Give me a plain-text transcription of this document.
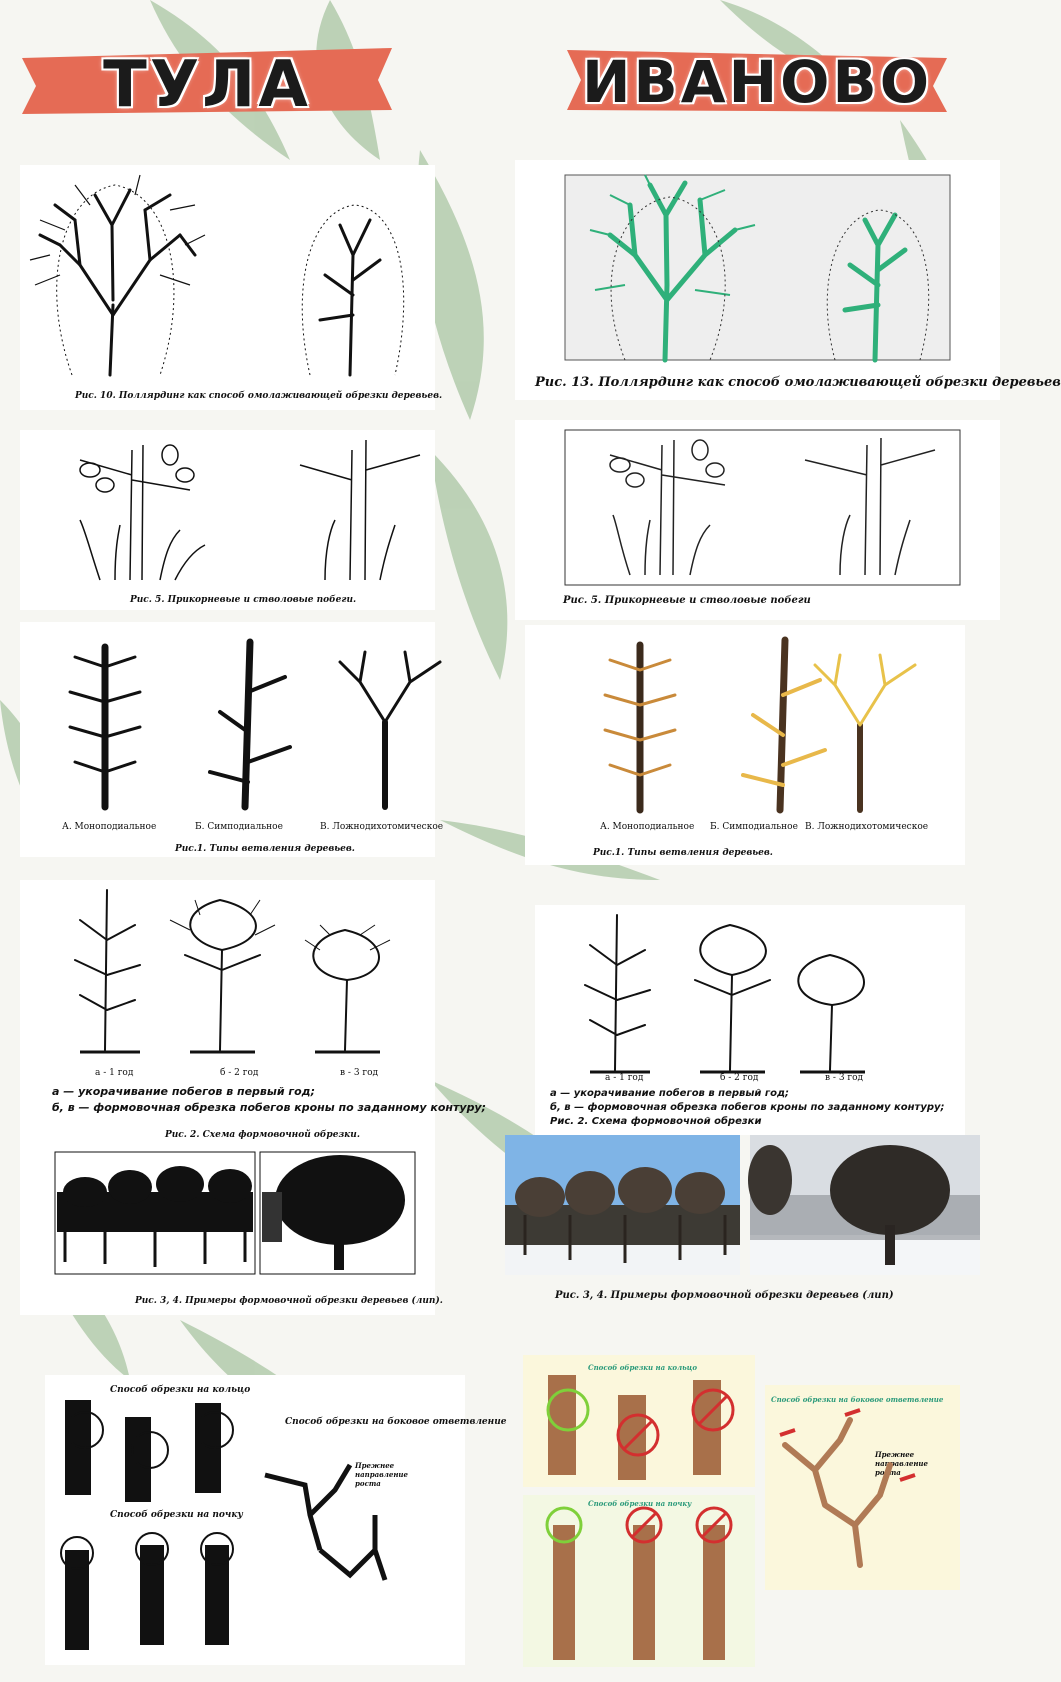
ТУЛА	ИВАНОВО
Рис. 10. Поллярдинг как способ омолаживающей обрезки деревьев.
Рис. 5. Прикорневые и стволовые побеги.
А. Моноподиальное	Б. Симподиальное	В. Ложнодихотомическое
Рис.1. Типы ветвления деревьев.
а - 1 год	б - 2 год	в - 3 год
а — укорачивание побегов в первый год;
б, в — формовочная обрезка побегов кроны по заданному контуру;
Рис. 2. Схема формовочной обрезки.
Рис. 3, 4. Примеры формовочной обрезки деревьев (лип).
Способ обрезки на кольцо
Способ обрезки на боковое ответвление
Способ обрезки на почку
Прежнее направление роста
Рис. 13. Поллярдинг как способ омолаживающей обрезки деревьев
Рис. 5. Прикорневые и стволовые побеги
А. Моноподиальное Б. Симподиальное В. Ложнодихотомическое
Рис.1. Типы ветвления деревьев.
а - 1 год	б - 2 год	в - 3 год
а — укорачивание побегов в первый год;
б, в — формовочная обрезка побегов кроны по заданному контуру;
Рис. 2. Схема формовочной обрезки
Рис. 3, 4. Примеры формовочной обрезки деревьев (лип)
Способ обрезки на кольцо
Способ обрезки на почку
Способ обрезки на боковое ответвление
Прежнее направление роста
